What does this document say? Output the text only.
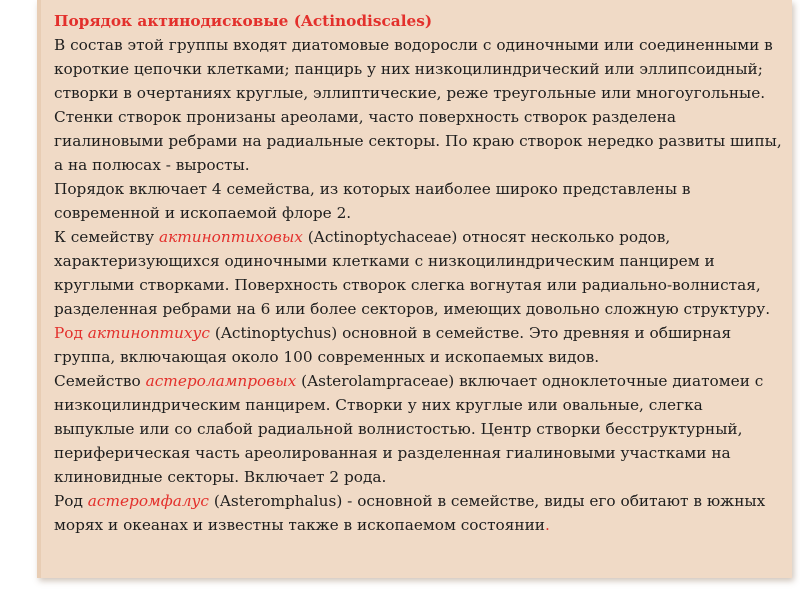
Порядок актинодисковые (Actinodiscales)

В состав этой группы входят диатомовые водоросли с одиночными или соединенными в короткие цепочки клетками; панцирь у них низкоцилиндрический или эллипсоидный; створки в очертаниях круглые, эллиптические, реже треугольные или многоугольные. Стенки створок пронизаны ареолами, часто поверхность створок разделена гиалиновыми ребрами на радиальные секторы. По краю створок нередко развиты шипы, а на полюсах - выросты.

Порядок включает 4 семейства, из которых наиболее широко представлены в современной и ископаемой флоре 2.

К семейству актиноптиховых (Actinoptychaceae) относят несколько родов, характеризующихся одиночными клетками с низкоцилиндрическим панцирем и круглыми створками. Поверхность створок слегка вогнутая или радиально-волнистая, разделенная ребрами на 6 или более секторов, имеющих довольно сложную структуру.

Род актиноптихус (Actinoptychus) основной в семействе. Это древняя и обширная группа, включающая около 100 современных и ископаемых видов.

Семейство астеролампровых (Asterolampraceae) включает одноклеточные диатомеи с низкоцилиндрическим панцирем. Створки у них круглые или овальные, слегка выпуклые или со слабой радиальной волнистостью. Центр створки бесструктурный, периферическая часть ареолированная и разделенная гиалиновыми участками на клиновидные секторы. Включает 2 рода.

Род астеромфалус (Asteromphalus) - основной в семействе, виды его обитают в южных морях и океанах и известны также в ископаемом состоянии.
